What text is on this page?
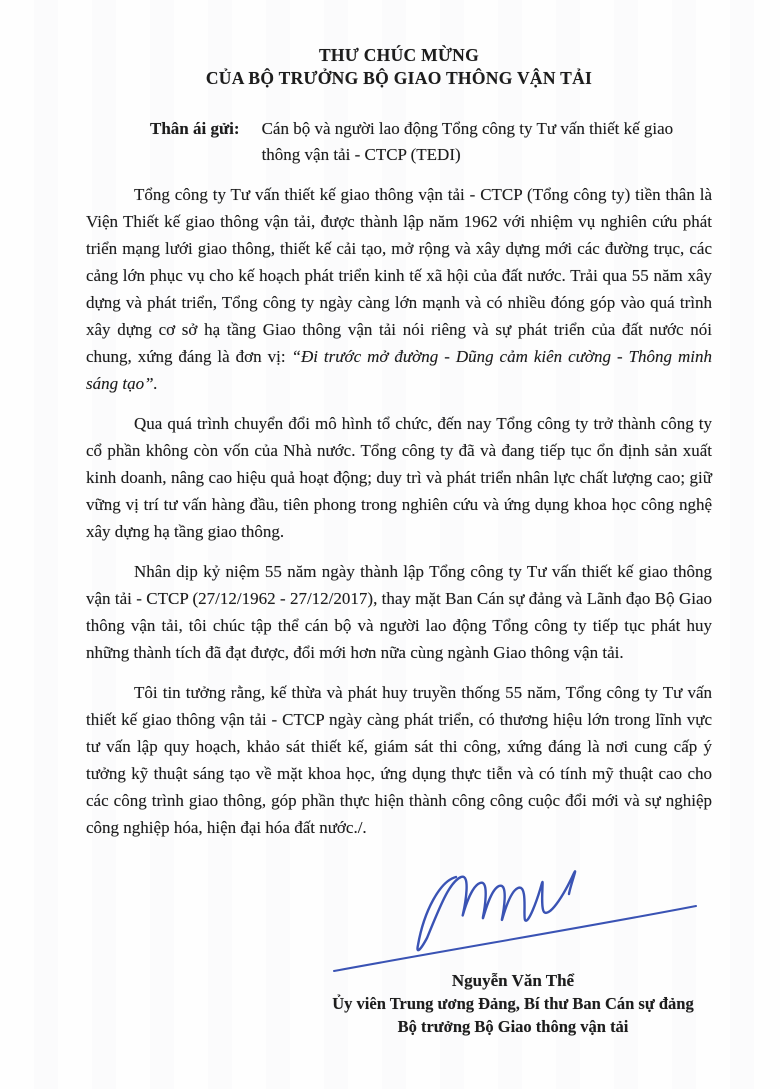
THƯ CHÚC MỪNG
CỦA BỘ TRƯỞNG BỘ GIAO THÔNG VẬN TẢI
Thân ái gửi: Cán bộ và người lao động Tổng công ty Tư vấn thiết kế giao thông vận tải - CTCP (TEDI)

Tổng công ty Tư vấn thiết kế giao thông vận tải - CTCP (Tổng công ty) tiền thân là Viện Thiết kế giao thông vận tải, được thành lập năm 1962 với nhiệm vụ nghiên cứu phát triển mạng lưới giao thông, thiết kế cải tạo, mở rộng và xây dựng mới các đường trục, các cảng lớn phục vụ cho kế hoạch phát triển kinh tế xã hội của đất nước. Trải qua 55 năm xây dựng và phát triển, Tổng công ty ngày càng lớn mạnh và có nhiều đóng góp vào quá trình xây dựng cơ sở hạ tầng Giao thông vận tải nói riêng và sự phát triển của đất nước nói chung, xứng đáng là đơn vị: “Đi trước mở đường - Dũng cảm kiên cường - Thông minh sáng tạo”.

Qua quá trình chuyển đổi mô hình tổ chức, đến nay Tổng công ty trở thành công ty cổ phần không còn vốn của Nhà nước. Tổng công ty đã và đang tiếp tục ổn định sản xuất kinh doanh, nâng cao hiệu quả hoạt động; duy trì và phát triển nhân lực chất lượng cao; giữ vững vị trí tư vấn hàng đầu, tiên phong trong nghiên cứu và ứng dụng khoa học công nghệ xây dựng hạ tầng giao thông.

Nhân dịp kỷ niệm 55 năm ngày thành lập Tổng công ty Tư vấn thiết kế giao thông vận tải - CTCP (27/12/1962 - 27/12/2017), thay mặt Ban Cán sự đảng và Lãnh đạo Bộ Giao thông vận tải, tôi chúc tập thể cán bộ và người lao động Tổng công ty tiếp tục phát huy những thành tích đã đạt được, đổi mới hơn nữa cùng ngành Giao thông vận tải.

Tôi tin tưởng rằng, kế thừa và phát huy truyền thống 55 năm, Tổng công ty Tư vấn thiết kế giao thông vận tải - CTCP ngày càng phát triển, có thương hiệu lớn trong lĩnh vực tư vấn lập quy hoạch, khảo sát thiết kế, giám sát thi công, xứng đáng là nơi cung cấp ý tưởng kỹ thuật sáng tạo về mặt khoa học, ứng dụng thực tiễn và có tính mỹ thuật cao cho các công trình giao thông, góp phần thực hiện thành công công cuộc đổi mới và sự nghiệp công nghiệp hóa, hiện đại hóa đất nước./.

Nguyễn Văn Thể
Ủy viên Trung ương Đảng, Bí thư Ban Cán sự đảng
Bộ trưởng Bộ Giao thông vận tải
